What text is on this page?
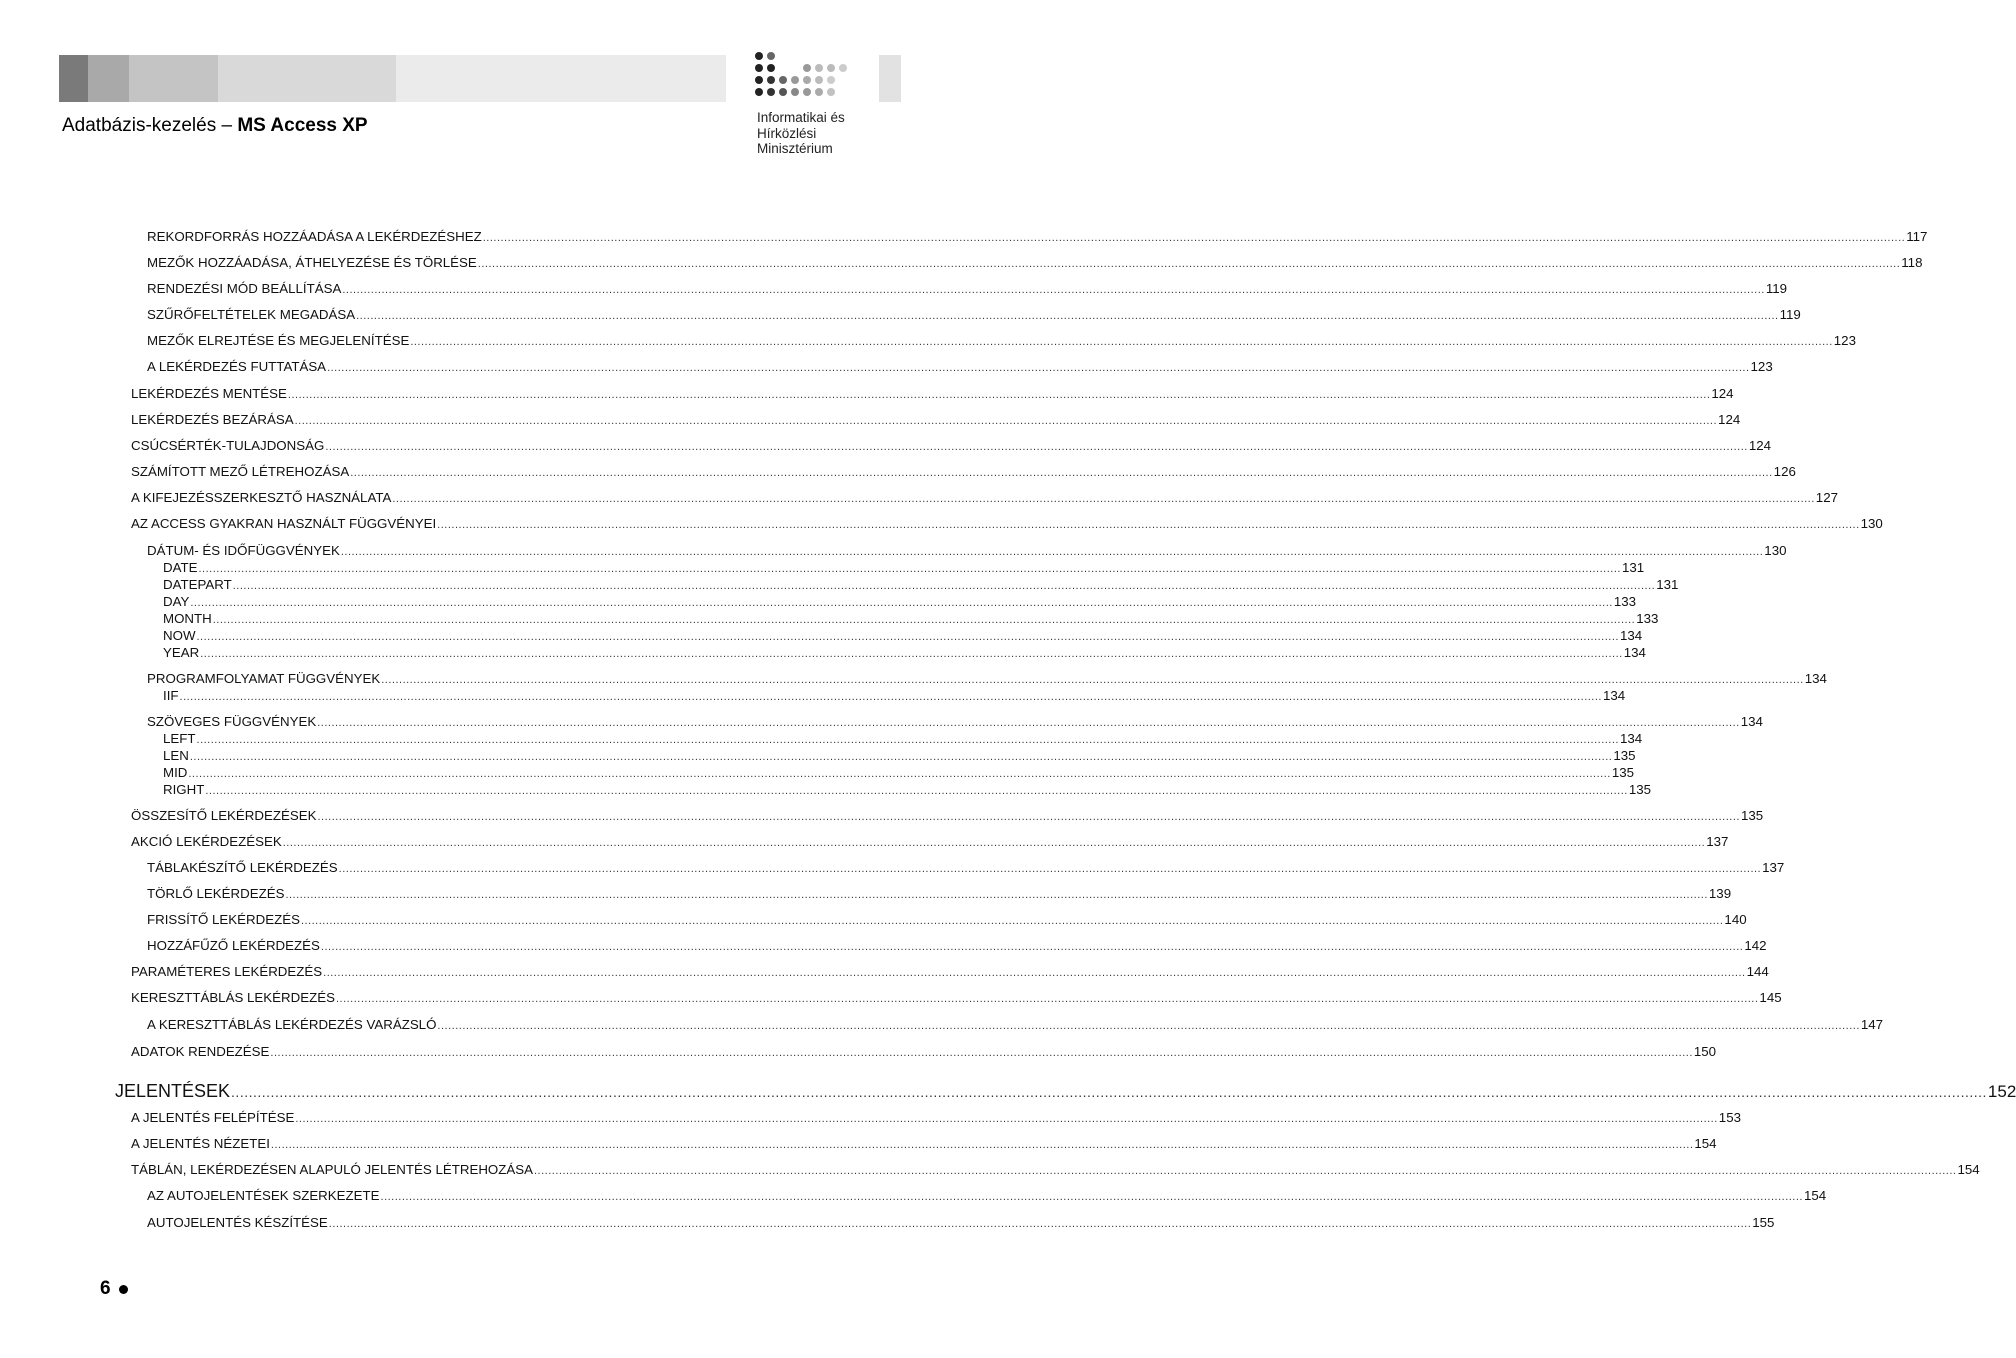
Informatikai és
Hírközlési
Minisztérium
Adatbázis-kezelés – MS Access XP
REKORDFORRÁS HOZZÁADÁSA A LEKÉRDEZÉSHEZ ................................................................................................................................................................................................................................................................................................................................................................................................................ 117
MEZŐK HOZZÁADÁSA, ÁTHELYEZÉSE ÉS TÖRLÉSE ................................................................................................................................................................................................................................................................................................................................................................................................................ 118
RENDEZÉSI MÓD BEÁLLÍTÁSA ................................................................................................................................................................................................................................................................................................................................................................................................................ 119
SZŰRŐFELTÉTELEK MEGADÁSA ................................................................................................................................................................................................................................................................................................................................................................................................................ 119
MEZŐK ELREJTÉSE ÉS MEGJELENÍTÉSE ................................................................................................................................................................................................................................................................................................................................................................................................................ 123
A LEKÉRDEZÉS FUTTATÁSA ................................................................................................................................................................................................................................................................................................................................................................................................................ 123
LEKÉRDEZÉS MENTÉSE ................................................................................................................................................................................................................................................................................................................................................................................................................ 124
LEKÉRDEZÉS BEZÁRÁSA ................................................................................................................................................................................................................................................................................................................................................................................................................ 124
CSÚCSÉRTÉK-TULAJDONSÁG ................................................................................................................................................................................................................................................................................................................................................................................................................ 124
SZÁMÍTOTT MEZŐ LÉTREHOZÁSA ................................................................................................................................................................................................................................................................................................................................................................................................................ 126
A KIFEJEZÉSSZERKESZTŐ HASZNÁLATA ................................................................................................................................................................................................................................................................................................................................................................................................................ 127
AZ ACCESS GYAKRAN HASZNÁLT FÜGGVÉNYEI ................................................................................................................................................................................................................................................................................................................................................................................................................ 130
DÁTUM- ÉS IDŐFÜGGVÉNYEK ................................................................................................................................................................................................................................................................................................................................................................................................................ 130
DATE ................................................................................................................................................................................................................................................................................................................................................................................................................ 131
DATEPART ................................................................................................................................................................................................................................................................................................................................................................................................................ 131
DAY ................................................................................................................................................................................................................................................................................................................................................................................................................ 133
MONTH ................................................................................................................................................................................................................................................................................................................................................................................................................ 133
NOW ................................................................................................................................................................................................................................................................................................................................................................................................................ 134
YEAR ................................................................................................................................................................................................................................................................................................................................................................................................................ 134
PROGRAMFOLYAMAT FÜGGVÉNYEK ................................................................................................................................................................................................................................................................................................................................................................................................................ 134
IIF ................................................................................................................................................................................................................................................................................................................................................................................................................ 134
SZÖVEGES FÜGGVÉNYEK ................................................................................................................................................................................................................................................................................................................................................................................................................ 134
LEFT ................................................................................................................................................................................................................................................................................................................................................................................................................ 134
LEN ................................................................................................................................................................................................................................................................................................................................................................................................................ 135
MID ................................................................................................................................................................................................................................................................................................................................................................................................................ 135
RIGHT ................................................................................................................................................................................................................................................................................................................................................................................................................ 135
ÖSSZESÍTŐ LEKÉRDEZÉSEK ................................................................................................................................................................................................................................................................................................................................................................................................................ 135
AKCIÓ LEKÉRDEZÉSEK ................................................................................................................................................................................................................................................................................................................................................................................................................ 137
TÁBLAKÉSZÍTŐ LEKÉRDEZÉS ................................................................................................................................................................................................................................................................................................................................................................................................................ 137
TÖRLŐ LEKÉRDEZÉS ................................................................................................................................................................................................................................................................................................................................................................................................................ 139
FRISSÍTŐ LEKÉRDEZÉS ................................................................................................................................................................................................................................................................................................................................................................................................................ 140
HOZZÁFŰZŐ LEKÉRDEZÉS ................................................................................................................................................................................................................................................................................................................................................................................................................ 142
PARAMÉTERES LEKÉRDEZÉS ................................................................................................................................................................................................................................................................................................................................................................................................................ 144
KERESZTTÁBLÁS LEKÉRDEZÉS ................................................................................................................................................................................................................................................................................................................................................................................................................ 145
A KERESZTTÁBLÁS LEKÉRDEZÉS VARÁZSLÓ ................................................................................................................................................................................................................................................................................................................................................................................................................ 147
ADATOK RENDEZÉSE ................................................................................................................................................................................................................................................................................................................................................................................................................ 150
JELENTÉSEK ................................................................................................................................................................................................................................................................................................................................................................................................................ 152
A JELENTÉS FELÉPÍTÉSE ................................................................................................................................................................................................................................................................................................................................................................................................................ 153
A JELENTÉS NÉZETEI ................................................................................................................................................................................................................................................................................................................................................................................................................ 154
TÁBLÁN, LEKÉRDEZÉSEN ALAPULÓ JELENTÉS LÉTREHOZÁSA ................................................................................................................................................................................................................................................................................................................................................................................................................ 154
AZ AUTOJELENTÉSEK SZERKEZETE ................................................................................................................................................................................................................................................................................................................................................................................................................ 154
AUTOJELENTÉS KÉSZÍTÉSE ................................................................................................................................................................................................................................................................................................................................................................................................................ 155
6
